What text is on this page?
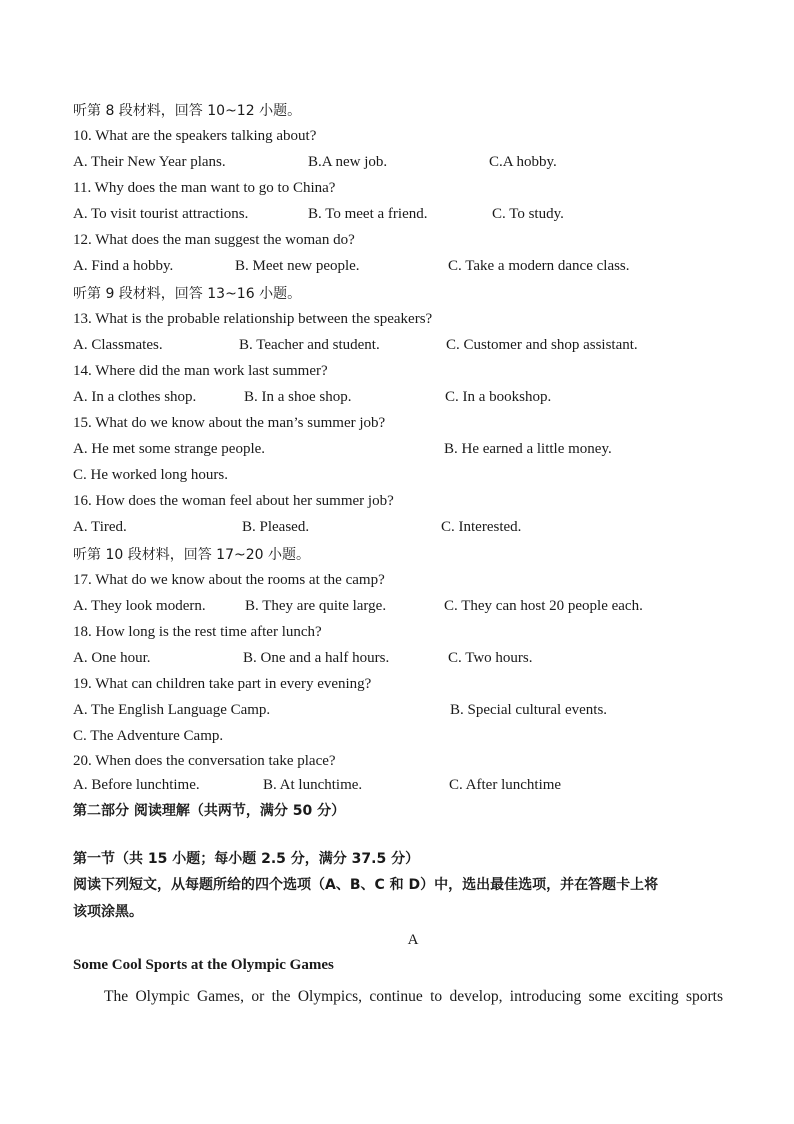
听第 8 段材料，回答 10~12 小题。
10. What are the speakers talking about?
A. Their New Year plans.	B.A new job.	C.A hobby.
11. Why does the man want to go to China?
A. To visit tourist attractions.	B. To meet a friend.	C. To study.
12. What does the man suggest the woman do?
A. Find a hobby.	B. Meet new people.	C. Take a modern dance class.
听第 9 段材料，回答 13~16 小题。
13. What is the probable relationship between the speakers?
A. Classmates.	B. Teacher and student.	C. Customer and shop assistant.
14. Where did the man work last summer?
A. In a clothes shop.	B. In a shoe shop.	C. In a bookshop.
15. What do we know about the man’s summer job?
A. He met some strange people.	B. He earned a little money.
C. He worked long hours.
16. How does the woman feel about her summer job?
A. Tired.	B. Pleased.	C. Interested.
听第 10 段材料，回答 17~20 小题。
17. What do we know about the rooms at the camp?
A. They look modern.	B. They are quite large.	C. They can host 20 people each.
18. How long is the rest time after lunch?
A. One hour.	B. One and a half hours.	C. Two hours.
19. What can children take part in every evening?
A. The English Language Camp.	B. Special cultural events.
C. The Adventure Camp.
20. When does the conversation take place?
A. Before lunchtime.	B. At lunchtime.	C. After lunchtime
第二部分 阅读理解（共两节，满分 50 分）
第一节（共 15 小题；每小题 2.5 分，满分 37.5 分）
阅读下列短文，从每题所给的四个选项（A、B、C 和 D）中，选出最佳选项，并在答题卡上将
该项涂黑。
A
Some Cool Sports at the Olympic Games
The Olympic Games, or the Olympics, continue to develop, introducing some exciting sports
